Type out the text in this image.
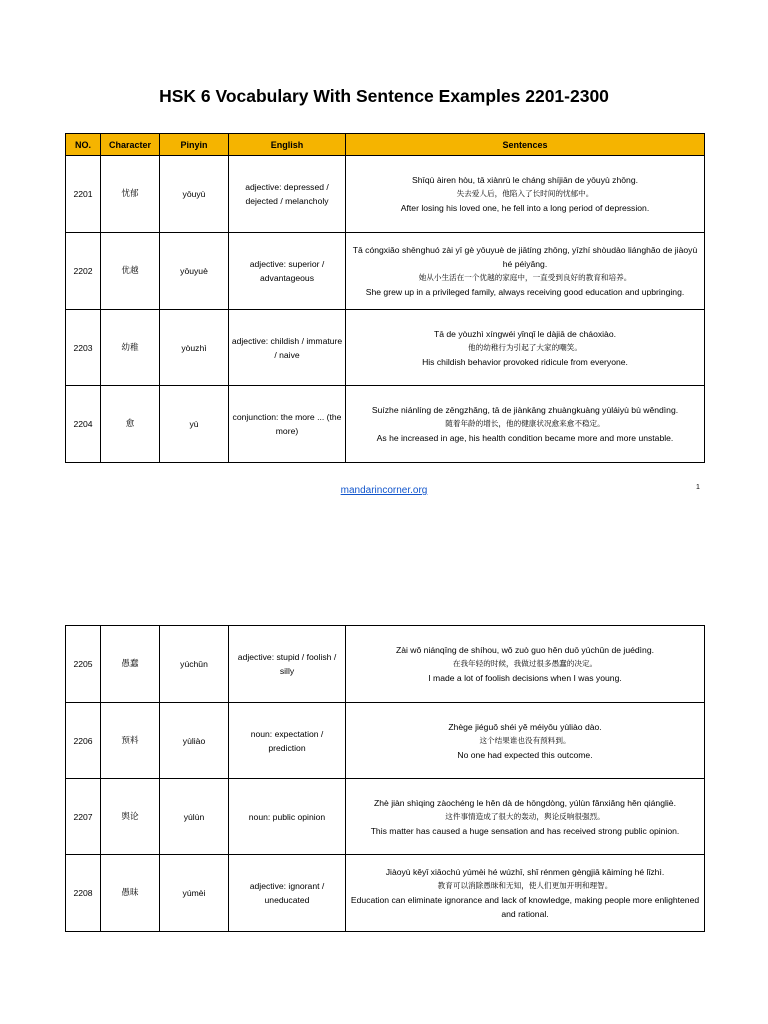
HSK 6 Vocabulary With Sentence Examples 2201-2300
NO.	Character	Pinyin	English	Sentences
2201	忧郁	yōuyù	adjective: depressed / dejected / melancholy	Shīqù àiren hòu, tā xiànrù le cháng shíjiān de yōuyù zhōng.
失去爱人后，他陷入了长时间的忧郁中。
After losing his loved one, he fell into a long period of depression.

2202	优越	yōuyuè	adjective: superior / advantageous	Tā cóngxiǎo shēnghuó zài yī gè yōuyuè de jiātíng zhōng, yīzhí shòudào liánghǎo de jiàoyù hé péiyǎng.
她从小生活在一个优越的家庭中，一直受到良好的教育和培养。
She grew up in a privileged family, always receiving good education and upbringing.

2203	幼稚	yòuzhì	adjective: childish / immature / naive	Tā de yòuzhì xíngwéi yǐnqǐ le dàjiā de cháoxiào.
他的幼稚行为引起了大家的嘲笑。
His childish behavior provoked ridicule from everyone.

2204	愈	yù	conjunction: the more ... (the more)	Suízhe niánlíng de zēngzhǎng, tā de jiànkāng zhuàngkuàng yùláiyù bù wěndìng.
随着年龄的增长，他的健康状况愈来愈不稳定。
As he increased in age, his health condition became more and more unstable.
mandarincorner.org	1
2205	愚蠢	yúchǔn	adjective: stupid / foolish / silly	Zài wǒ niánqīng de shíhou, wǒ zuò guo hěn duō yúchǔn de juédìng.
在我年轻的时候，我做过很多愚蠢的决定。
I made a lot of foolish decisions when I was young.

2206	预料	yùliào	noun: expectation / prediction	Zhège jiéguǒ shéi yě méiyǒu yùliào dào.
这个结果谁也没有预料到。
No one had expected this outcome.

2207	舆论	yúlùn	noun: public opinion	Zhè jiàn shìqing zàochéng le hěn dà de hōngdòng, yúlùn fǎnxiǎng hěn qiángliè.
这件事情造成了很大的轰动，舆论反响很强烈。
This matter has caused a huge sensation and has received strong public opinion.

2208	愚昧	yúmèi	adjective: ignorant / uneducated	Jiàoyù kěyǐ xiāochú yúmèi hé wúzhī, shǐ rénmen gèngjiā kāimíng hé lǐzhì.
教育可以消除愚昧和无知，使人们更加开明和理智。
Education can eliminate ignorance and lack of knowledge, making people more enlightened and rational.
